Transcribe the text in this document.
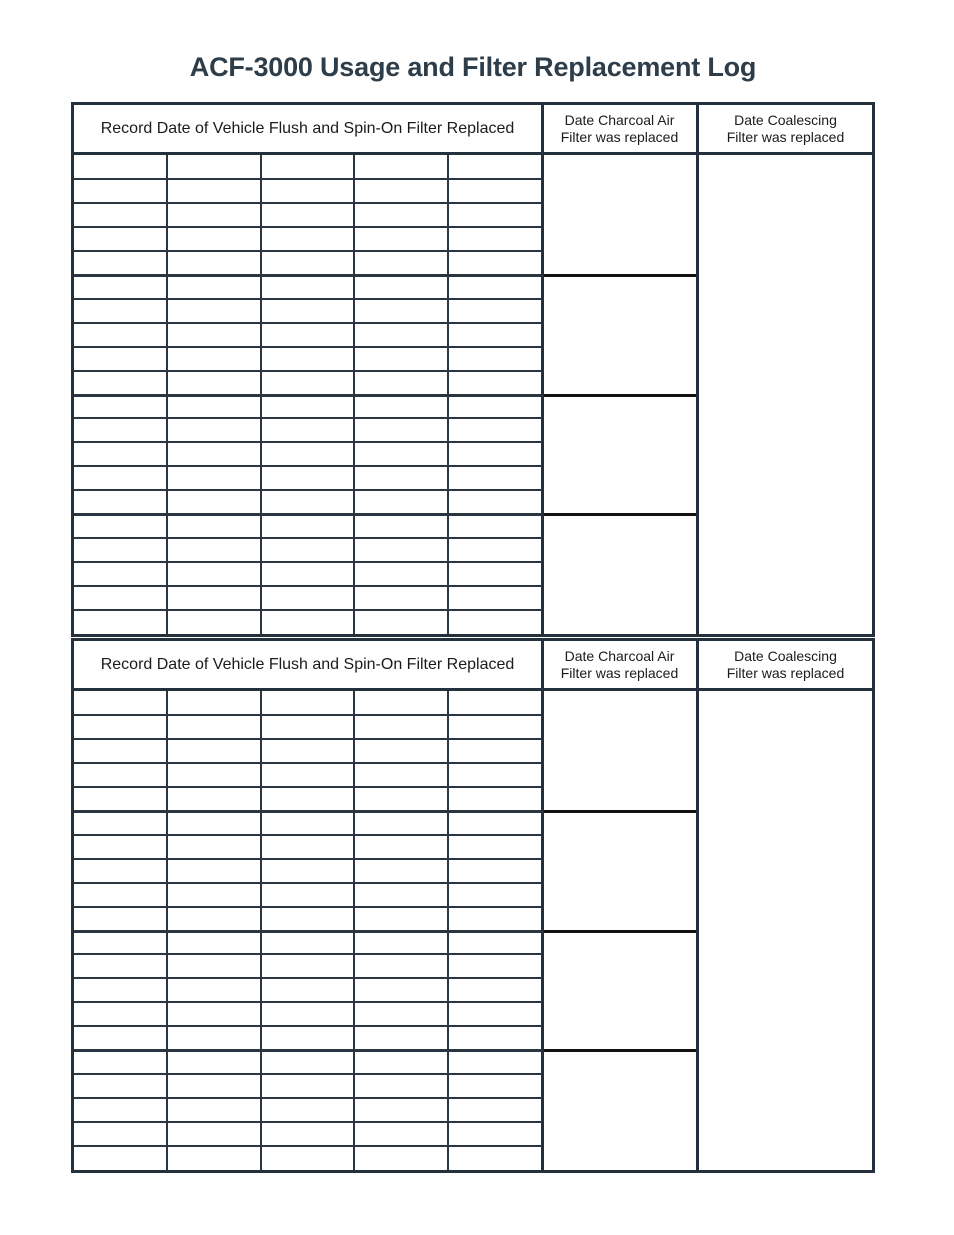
ACF-3000 Usage and Filter Replacement Log
Record Date of Vehicle Flush and Spin-On Filter Replaced	Date Charcoal Air
Filter was replaced
Date Coalescing
Filter was replaced
Record Date of Vehicle Flush and Spin-On Filter Replaced	Date Charcoal Air
Filter was replaced
Date Coalescing
Filter was replaced
